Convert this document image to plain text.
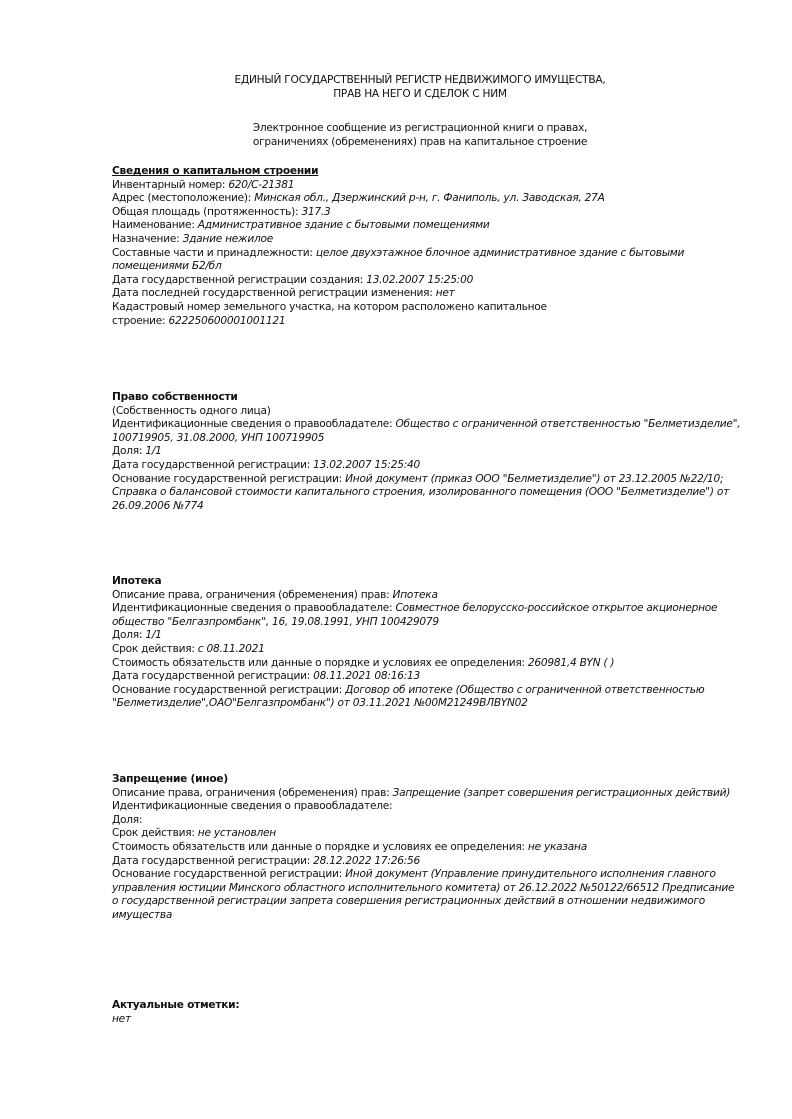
ЕДИНЫЙ ГОСУДАРСТВЕННЫЙ РЕГИСТР НЕДВИЖИМОГО ИМУЩЕСТВА,
ПРАВ НА НЕГО И СДЕЛОК С НИМ
Электронное сообщение из регистрационной книги о правах,
ограничениях (обременениях) прав на капитальное строение
Сведения о капитальном строении
Инвентарный номер: 620/C-21381
Адрес (местоположение): Минская обл., Дзержинский р-н, г. Фаниполь, ул. Заводская, 27А
Общая площадь (протяженность): 317.3
Наименование: Административное здание с бытовыми помещениями
Назначение: Здание нежилое
Составные части и принадлежности: целое двухэтажное блочное административное здание с бытовыми помещениями Б2/бл
Дата государственной регистрации создания: 13.02.2007 15:25:00
Дата последней государственной регистрации изменения: нет
Кадастровый номер земельного участка, на котором расположено капитальное
строение: 622250600001001121
Право собственности
(Собственность одного лица)
Идентификационные сведения о правообладателе: Общество с ограниченной ответственностью "Белметизделие", 100719905, 31.08.2000, УНП 100719905
Доля: 1/1
Дата государственной регистрации: 13.02.2007 15:25:40
Основание государственной регистрации: Иной документ (приказ ООО "Белметизделие") от 23.12.2005 №22/10; Справка о балансовой стоимости капитального строения, изолированного помещения (ООО "Белметизделие") от 26.09.2006 №774
Ипотека
Описание права, ограничения (обременения) прав: Ипотека
Идентификационные сведения о правообладателе: Совместное белорусско-российское открытое акционерное общество "Белгазпромбанк", 16, 19.08.1991, УНП 100429079
Доля: 1/1
Срок действия: с 08.11.2021
Стоимость обязательств или данные о порядке и условиях ее определения: 260981,4 BYN ( )
Дата государственной регистрации: 08.11.2021 08:16:13
Основание государственной регистрации: Договор об ипотеке (Общество с ограниченной ответственностью "Белметизделие",ОАО"Белгазпромбанк") от 03.11.2021 №00M21249BЛBYN02
Запрещение (иное)
Описание права, ограничения (обременения) прав: Запрещение (запрет совершения регистрационных действий)
Идентификационные сведения о правообладателе:
Доля:
Срок действия: не установлен
Стоимость обязательств или данные о порядке и условиях ее определения: не указана
Дата государственной регистрации: 28.12.2022 17:26:56
Основание государственной регистрации: Иной документ (Управление принудительного исполнения главного управления юстиции Минского областного исполнительного комитета) от 26.12.2022 №50122/66512 Предписание о государственной регистрации запрета совершения регистрационных действий в отношении недвижимого имущества
Актуальные отметки:
нет
